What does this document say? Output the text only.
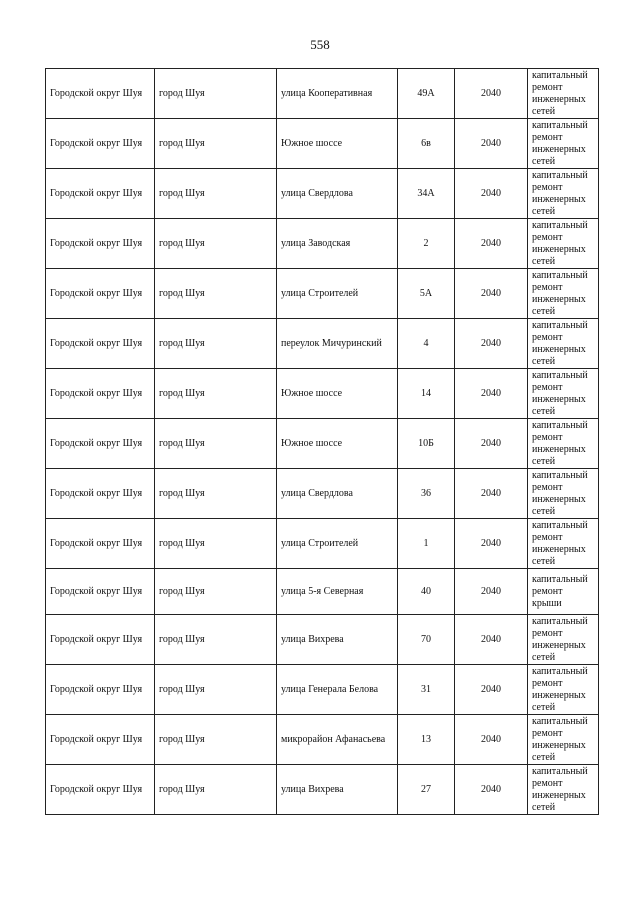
558
Городской округ Шуя	город Шуя	улица Кооперативная	49А	2040	капитальный ремонт инженерных сетей
Городской округ Шуя	город Шуя	Южное шоссе	6в	2040	капитальный ремонт инженерных сетей
Городской округ Шуя	город Шуя	улица Свердлова	34А	2040	капитальный ремонт инженерных сетей
Городской округ Шуя	город Шуя	улица Заводская	2	2040	капитальный ремонт инженерных сетей
Городской округ Шуя	город Шуя	улица Строителей	5А	2040	капитальный ремонт инженерных сетей
Городской округ Шуя	город Шуя	переулок Мичуринский	4	2040	капитальный ремонт инженерных сетей
Городской округ Шуя	город Шуя	Южное шоссе	14	2040	капитальный ремонт инженерных сетей
Городской округ Шуя	город Шуя	Южное шоссе	10Б	2040	капитальный ремонт инженерных сетей
Городской округ Шуя	город Шуя	улица Свердлова	36	2040	капитальный ремонт инженерных сетей
Городской округ Шуя	город Шуя	улица Строителей	1	2040	капитальный ремонт инженерных сетей
Городской округ Шуя	город Шуя	улица 5-я Северная	40	2040	капитальный ремонт крыши
Городской округ Шуя	город Шуя	улица Вихрева	70	2040	капитальный ремонт инженерных сетей
Городской округ Шуя	город Шуя	улица Генерала Белова	31	2040	капитальный ремонт инженерных сетей
Городской округ Шуя	город Шуя	микрорайон Афанасьева	13	2040	капитальный ремонт инженерных сетей
Городской округ Шуя	город Шуя	улица Вихрева	27	2040	капитальный ремонт инженерных сетей
